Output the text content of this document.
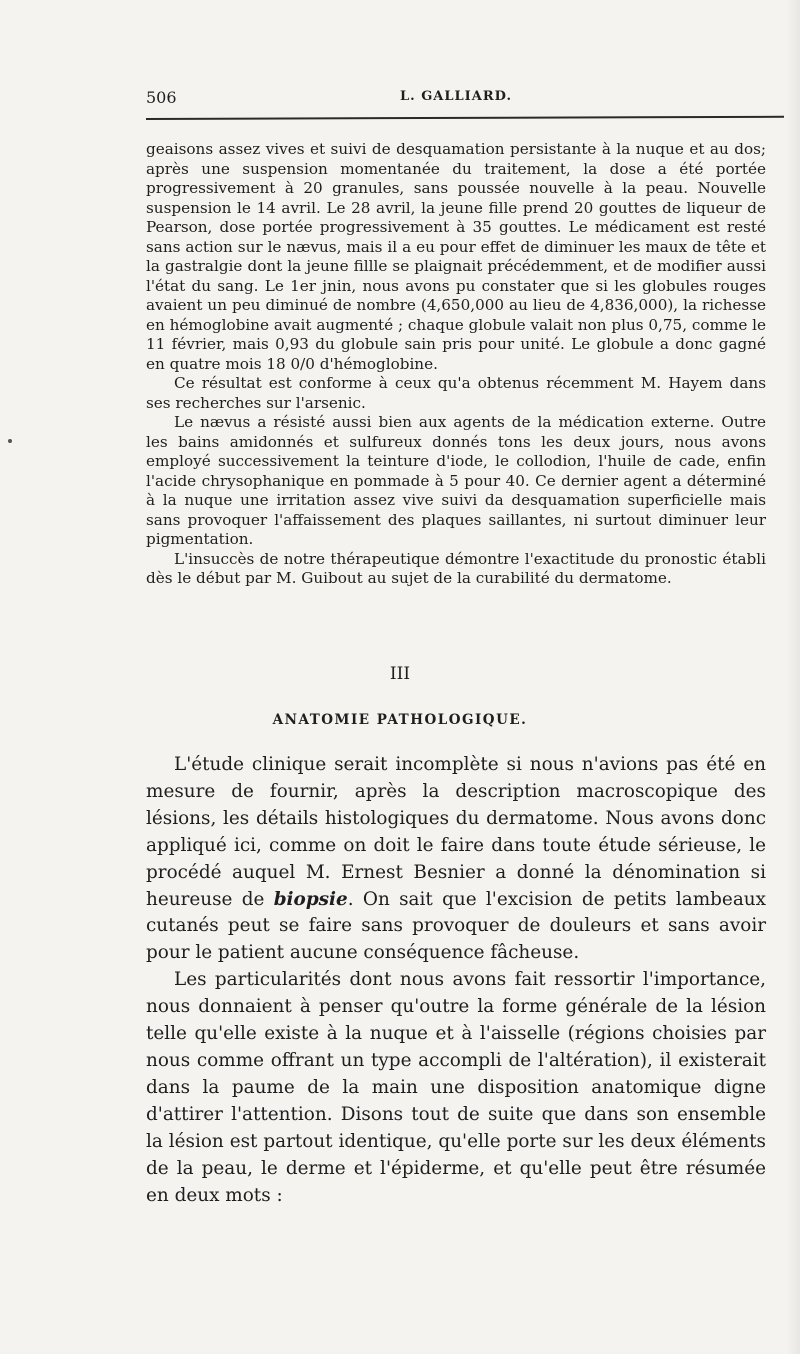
506	L. GALLIARD.

geaisons assez vives et suivi de desquamation persistante à la nuque et au dos; après une suspension momentanée du traitement, la dose a été portée progressivement à 20 granules, sans poussée nouvelle à la peau. Nouvelle suspension le 14 avril. Le 28 avril, la jeune fille prend 20 gouttes de liqueur de Pearson, dose portée progressivement à 35 gouttes. Le médicament est resté sans action sur le nævus, mais il a eu pour effet de diminuer les maux de tête et la gastralgie dont la jeune fillle se plaignait précédemment, et de modifier aussi l'état du sang. Le 1er jnin, nous avons pu constater que si les globules rouges avaient un peu diminué de nombre (4,650,000 au lieu de 4,836,000), la richesse en hémoglobine avait augmenté ; chaque globule valait non plus 0,75, comme le 11 février, mais 0,93 du globule sain pris pour unité. Le globule a donc gagné en quatre mois 18 0/0 d'hémoglobine.

Ce résultat est conforme à ceux qu'a obtenus récemment M. Hayem dans ses recherches sur l'arsenic.

Le nævus a résisté aussi bien aux agents de la médication externe. Outre les bains amidonnés et sulfureux donnés tons les deux jours, nous avons employé successivement la teinture d'iode, le collodion, l'huile de cade, enfin l'acide chrysophanique en pommade à 5 pour 40. Ce dernier agent a déterminé à la nuque une irritation assez vive suivi da desquamation superficielle mais sans provoquer l'affaissement des plaques saillantes, ni surtout diminuer leur pigmentation.

L'insuccès de notre thérapeutique démontre l'exactitude du pronostic établi dès le début par M. Guibout au sujet de la curabilité du dermatome.

III
ANATOMIE PATHOLOGIQUE.

L'étude clinique serait incomplète si nous n'avions pas été en mesure de fournir, après la description macroscopique des lésions, les détails histologiques du dermatome. Nous avons donc appliqué ici, comme on doit le faire dans toute étude sérieuse, le procédé auquel M. Ernest Besnier a donné la dénomination si heureuse de biopsie. On sait que l'excision de petits lambeaux cutanés peut se faire sans provoquer de douleurs et sans avoir pour le patient aucune conséquence fâcheuse.

Les particularités dont nous avons fait ressortir l'importance, nous donnaient à penser qu'outre la forme générale de la lésion telle qu'elle existe à la nuque et à l'aisselle (régions choisies par nous comme offrant un type accompli de l'altération), il existerait dans la paume de la main une disposition anatomique digne d'attirer l'attention. Disons tout de suite que dans son ensemble la lésion est partout identique, qu'elle porte sur les deux éléments de la peau, le derme et l'épiderme, et qu'elle peut être résumée en deux mots :
